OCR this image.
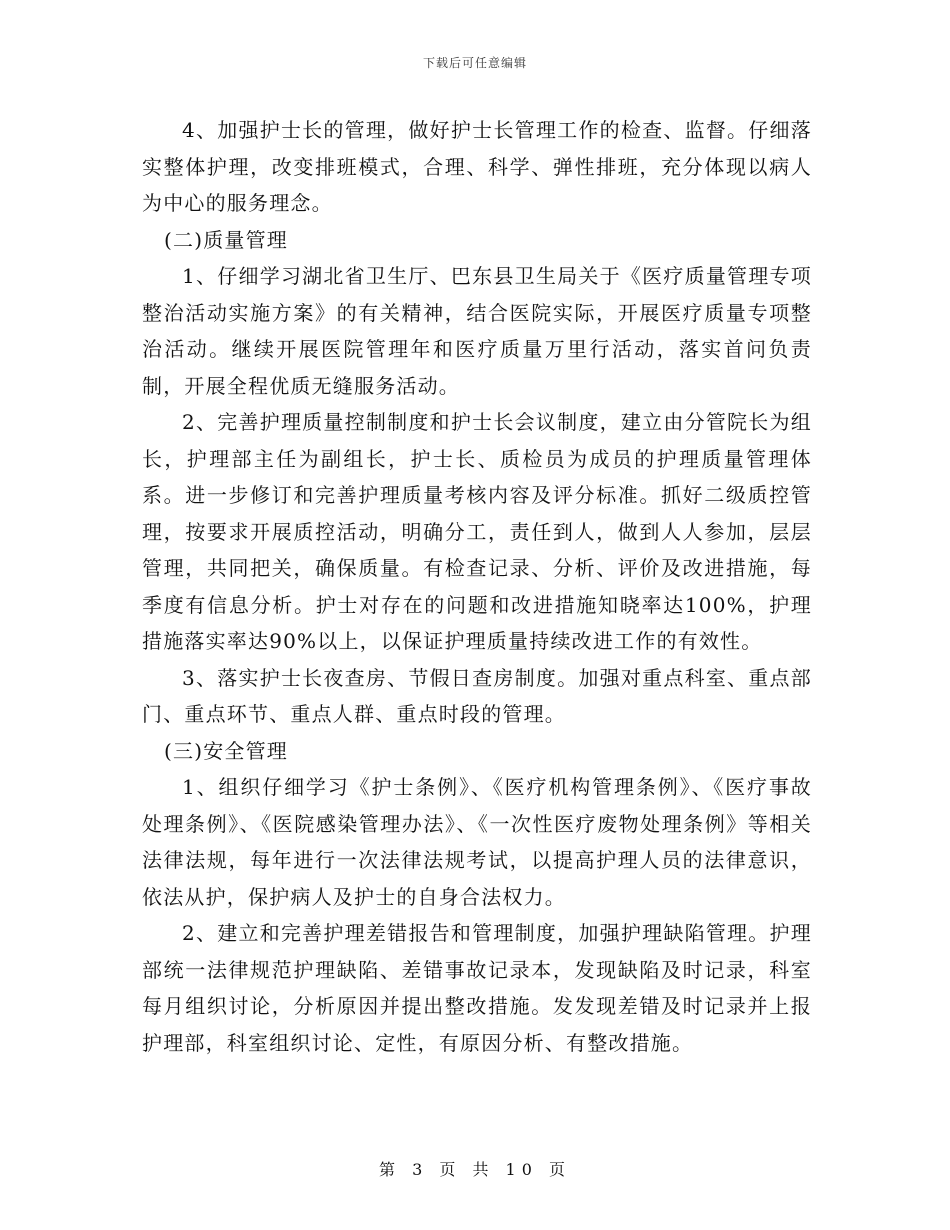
下载后可任意编辑

4、加强护士长的管理，做好护士长管理工作的检查、监督。仔细落实整体护理，改变排班模式，合理、科学、弹性排班，充分体现以病人为中心的服务理念。

(二)质量管理

1、仔细学习湖北省卫生厅、巴东县卫生局关于《医疗质量管理专项整治活动实施方案》的有关精神，结合医院实际，开展医疗质量专项整治活动。继续开展医院管理年和医疗质量万里行活动，落实首问负责制，开展全程优质无缝服务活动。

2、完善护理质量控制制度和护士长会议制度，建立由分管院长为组长，护理部主任为副组长，护士长、质检员为成员的护理质量管理体系。进一步修订和完善护理质量考核内容及评分标准。抓好二级质控管理，按要求开展质控活动，明确分工，责任到人，做到人人参加，层层管理，共同把关，确保质量。有检查记录、分析、评价及改进措施，每季度有信息分析。护士对存在的问题和改进措施知晓率达100%，护理措施落实率达90%以上，以保证护理质量持续改进工作的有效性。

3、落实护士长夜查房、节假日查房制度。加强对重点科室、重点部门、重点环节、重点人群、重点时段的管理。

(三)安全管理

1、组织仔细学习《护士条例》、《医疗机构管理条例》、《医疗事故处理条例》、《医院感染管理办法》、《一次性医疗废物处理条例》等相关法律法规，每年进行一次法律法规考试，以提高护理人员的法律意识，依法从护，保护病人及护士的自身合法权力。

2、建立和完善护理差错报告和管理制度，加强护理缺陷管理。护理部统一法律规范护理缺陷、差错事故记录本，发现缺陷及时记录，科室每月组织讨论，分析原因并提出整改措施。发发现差错及时记录并上报护理部，科室组织讨论、定性，有原因分析、有整改措施。

第 3 页 共 10 页
